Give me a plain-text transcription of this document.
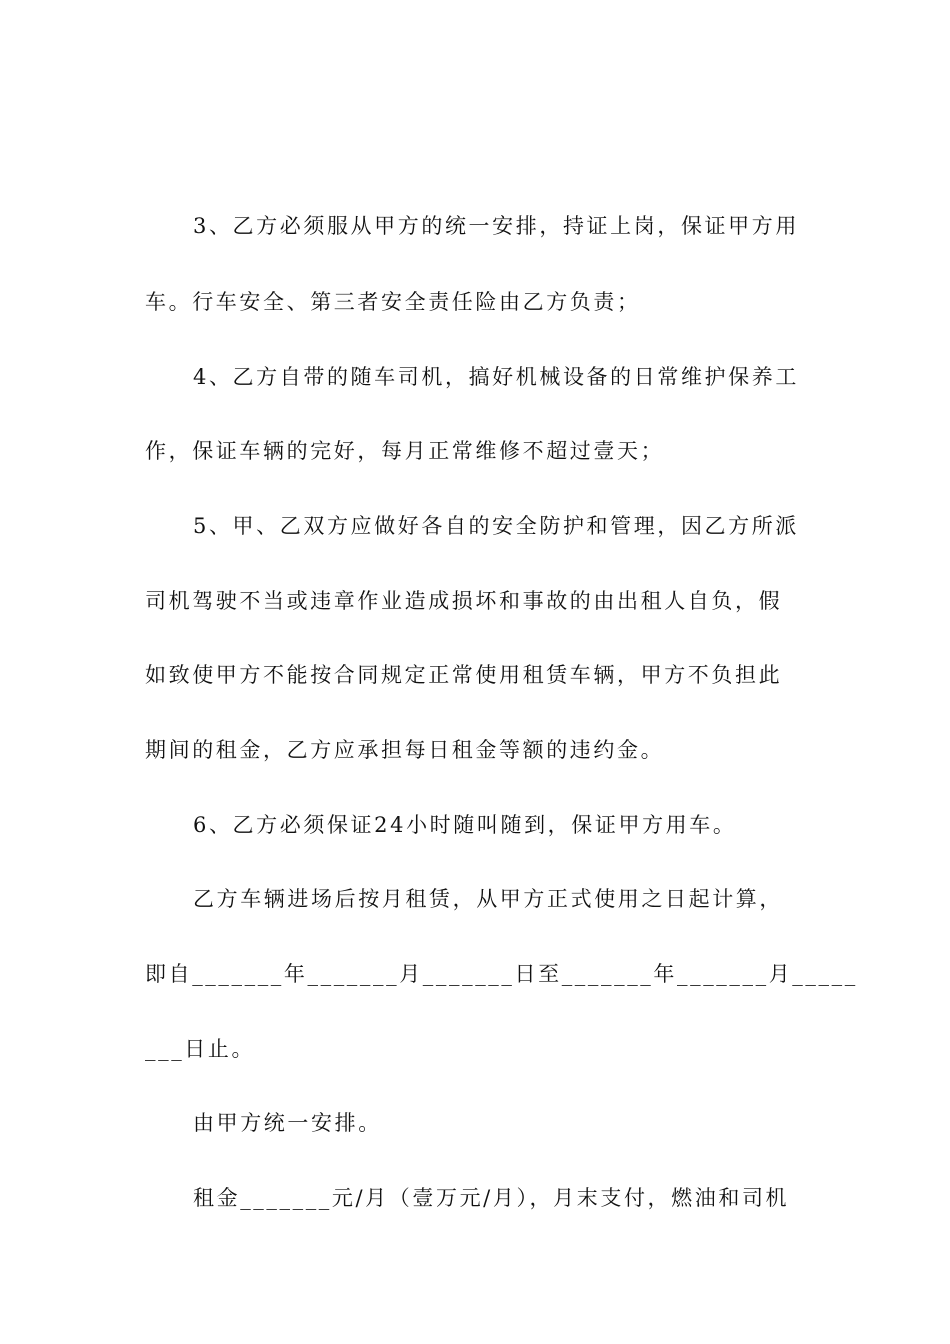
3、乙方必须服从甲方的统一安排，持证上岗，保证甲方用
车。行车安全、第三者安全责任险由乙方负责；
4、乙方自带的随车司机，搞好机械设备的日常维护保养工
作，保证车辆的完好，每月正常维修不超过壹天；
5、甲、乙双方应做好各自的安全防护和管理，因乙方所派
司机驾驶不当或违章作业造成损坏和事故的由出租人自负，假
如致使甲方不能按合同规定正常使用租赁车辆，甲方不负担此
期间的租金，乙方应承担每日租金等额的违约金。
6、乙方必须保证24小时随叫随到，保证甲方用车。
乙方车辆进场后按月租赁，从甲方正式使用之日起计算，
即自_______年_______月_______日至_______年_______月_____
___日止。
由甲方统一安排。
租金_______元/月（壹万元/月），月末支付，燃油和司机
